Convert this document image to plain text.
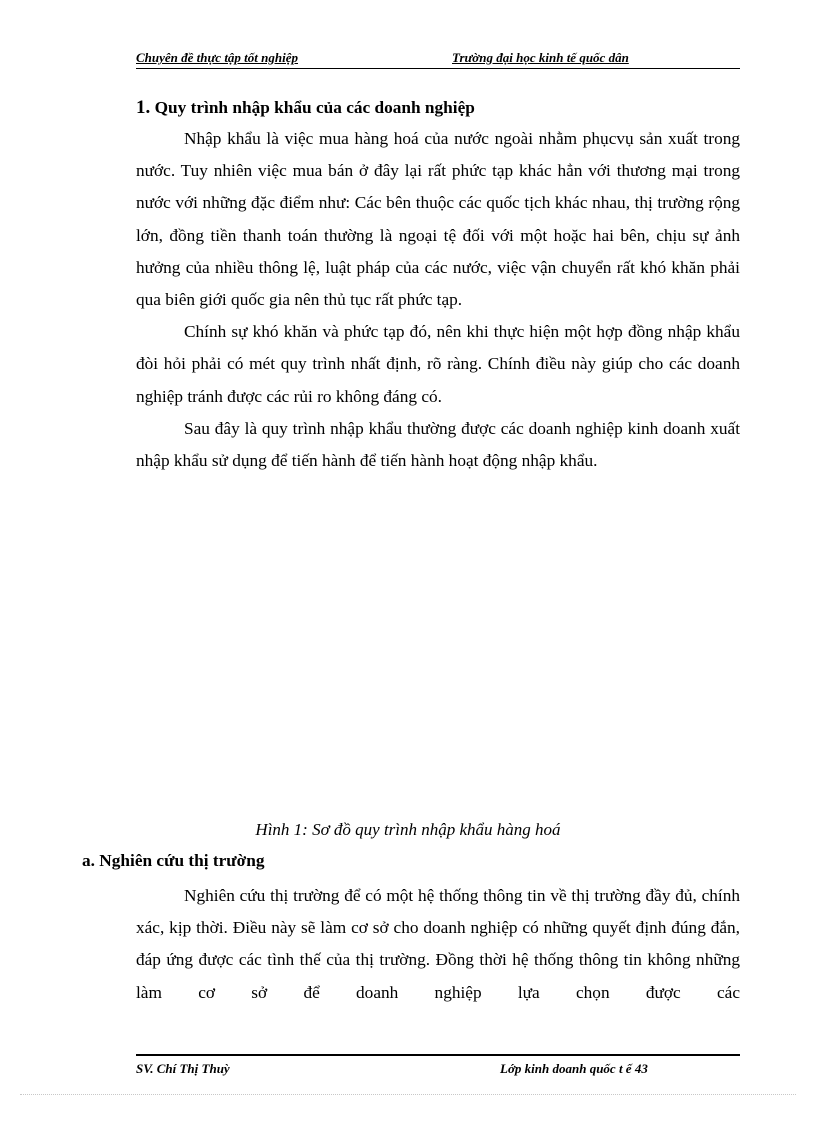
Chuyên đề thực tập tốt nghiệp	Trường đại học kinh tế quốc dân
1. Quy trình nhập khẩu của các doanh nghiệp

Nhập khẩu là việc mua hàng hoá của nước ngoài nhằm phụcvụ sản xuất trong nước. Tuy nhiên việc mua bán ở đây lại rất phức tạp khác hẳn với thương mại trong nước với những đặc điểm như: Các bên thuộc các quốc tịch khác nhau, thị trường rộng lớn, đồng tiền thanh toán thường là ngoại tệ đối với một hoặc hai bên, chịu sự ảnh hưởng của nhiều thông lệ, luật pháp của các nước, việc vận chuyển rất khó khăn phải qua biên giới quốc gia nên thủ tục rất phức tạp.

Chính sự khó khăn và phức tạp đó, nên khi thực hiện một hợp đồng nhập khẩu đòi hỏi phải có mét quy trình nhất định, rõ ràng. Chính điều này giúp cho các doanh nghiệp tránh được các rủi ro không đáng có.

Sau đây là quy trình nhập khẩu thường được các doanh nghiệp kinh doanh xuất nhập khẩu sử dụng để tiến hành để tiến hành hoạt động nhập khẩu.

Hình 1: Sơ đồ quy trình nhập khẩu hàng hoá
a. Nghiên cứu thị trường

Nghiên cứu thị trường để có một hệ thống thông tin về thị trường đầy đủ, chính xác, kịp thời. Điều này sẽ làm cơ sở cho doanh nghiệp có những quyết định đúng đắn, đáp ứng được các tình thế của thị trường. Đồng thời hệ thống thông tin không những làm cơ sở để doanh nghiệp lựa chọn được các

SV. Chí Thị Thuỳ	Lớp kinh doanh quốc t ế 43
